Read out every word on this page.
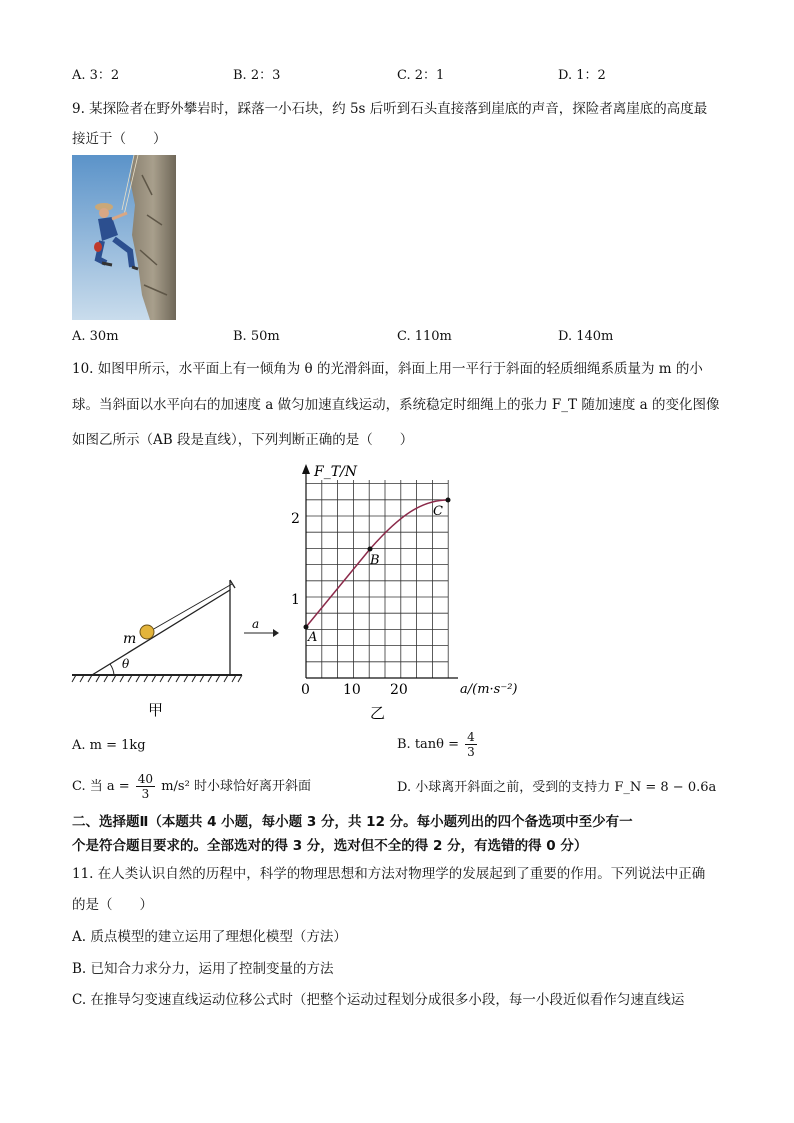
A. 3：2	B. 2：3	C. 2：1	D. 1：2
9. 某探险者在野外攀岩时，踩落一小石块，约 5s 后听到石头直接落到崖底的声音，探险者离崖底的高度最
接近于（　　）
A. 30m	B. 50m	C. 110m	D. 140m
10. 如图甲所示，水平面上有一倾角为 θ 的光滑斜面，斜面上用一平行于斜面的轻质细绳系质量为 m 的小
球。当斜面以水平向右的加速度 a 做匀加速直线运动，系统稳定时细绳上的张力 F_T 随加速度 a 的变化图像
如图乙所示（AB 段是直线），下列判断正确的是（　　）
θ
m
a
F_T/N
a/(m·s⁻²)
0 10 20
1
2
A
B
C
甲	乙
A. m = 1kg	B. $\tan\theta = \frac{4}{3}$
C. 当 $a = \frac{40}{3} m/s^2$ 时小球恰好离开斜面	D. 小球离开斜面之前，受到的支持力 F_N = 8 − 0.6a
二、选择题Ⅱ（本题共 4 小题，每小题 3 分，共 12 分。每小题列出的四个备选项中至少有一
个是符合题目要求的。全部选对的得 3 分，选对但不全的得 2 分，有选错的得 0 分）
11. 在人类认识自然的历程中，科学的物理思想和方法对物理学的发展起到了重要的作用。下列说法中正确
的是（　　）
A. 质点模型的建立运用了理想化模型（方法）
B. 已知合力求分力，运用了控制变量的方法
C. 在推导匀变速直线运动位移公式时（把整个运动过程划分成很多小段，每一小段近似看作匀速直线运
